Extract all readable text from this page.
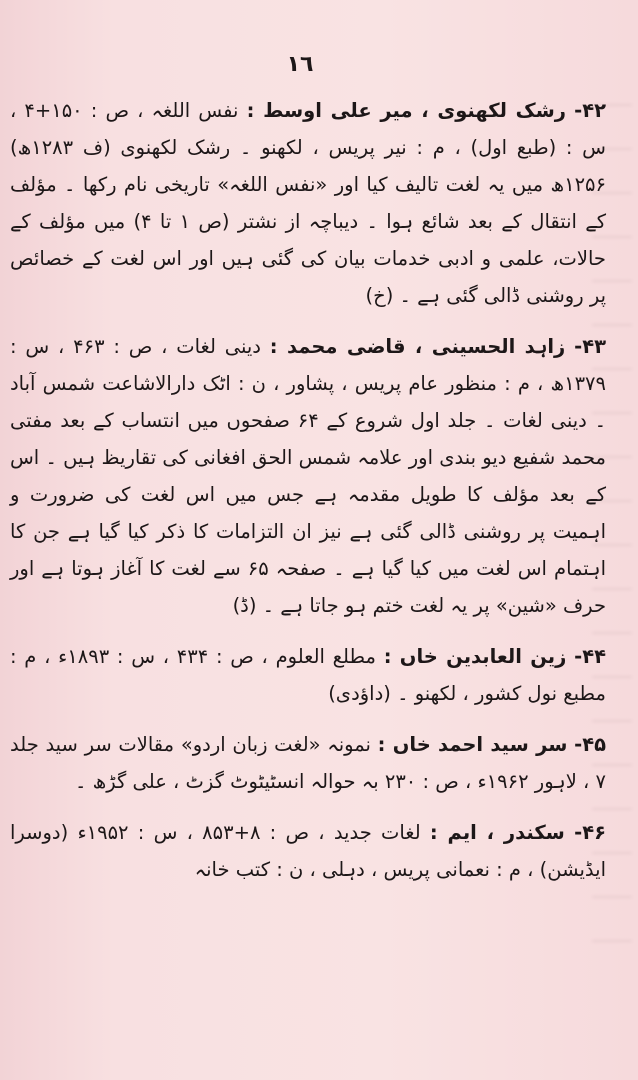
١٦

۴۲- رشک لکھنوی ، میر علی اوسط : نفس اللغہ ، ص : ۱۵۰+۴ ، س : (طبع اول) ، م : نیر پریس ، لکھنو ۔ رشک لکھنوی (ف ۱۲۸۳ھ) ۱۲۵۶ھ میں یہ لغت تالیف کیا اور «نفس اللغہ» تاریخی نام رکھا ۔ مؤلف کے انتقال کے بعد شائع ہوا ۔ دیباچہ از نشتر (ص ۱ تا ۴) میں مؤلف کے حالات، علمی و ادبی خدمات بیان کی گئی ہیں اور اس لغت کے خصائص پر روشنی ڈالی گئی ہے ۔ (خ)

۴۳- زاہد الحسینی ، قاضی محمد : دینی لغات ، ص : ۴۶۳ ، س : ۱۳۷۹ھ ، م : منظور عام پریس ، پشاور ، ن : اٹک دارالاشاعت شمس آباد ۔ دینی لغات ۔ جلد اول شروع کے ۶۴ صفحوں میں انتساب کے بعد مفتی محمد شفیع دیو بندی اور علامہ شمس الحق افغانی کی تقاریظ ہیں ۔ اس کے بعد مؤلف کا طویل مقدمہ ہے جس میں اس لغت کی ضرورت و اہمیت پر روشنی ڈالی گئی ہے نیز ان التزامات کا ذکر کیا گیا ہے جن کا اہتمام اس لغت میں کیا گیا ہے ۔ صفحہ ۶۵ سے لغت کا آغاز ہوتا ہے اور حرف «شین» پر یہ لغت ختم ہو جاتا ہے ۔ (ڈ)

۴۴- زین العابدین خاں : مطلع العلوم ، ص : ۴۳۴ ، س : ۱۸۹۳ء ، م : مطبع نول کشور ، لکھنو ۔ (داؤدی)

۴۵- سر سید احمد خاں : نمونہ «لغت زبان اردو» مقالات سر سید جلد ۷ ، لاہور ۱۹۶۲ء ، ص : ۲۳۰ بہ حوالہ انسٹیٹوٹ گزٹ ، علی گڑھ ۔

۴۶- سکندر ، ایم : لغات جدید ، ص : ۸+۸۵۳ ، س : ۱۹۵۲ء (دوسرا ایڈیشن) ، م : نعمانی پریس ، دہلی ، ن : کتب خانہ
